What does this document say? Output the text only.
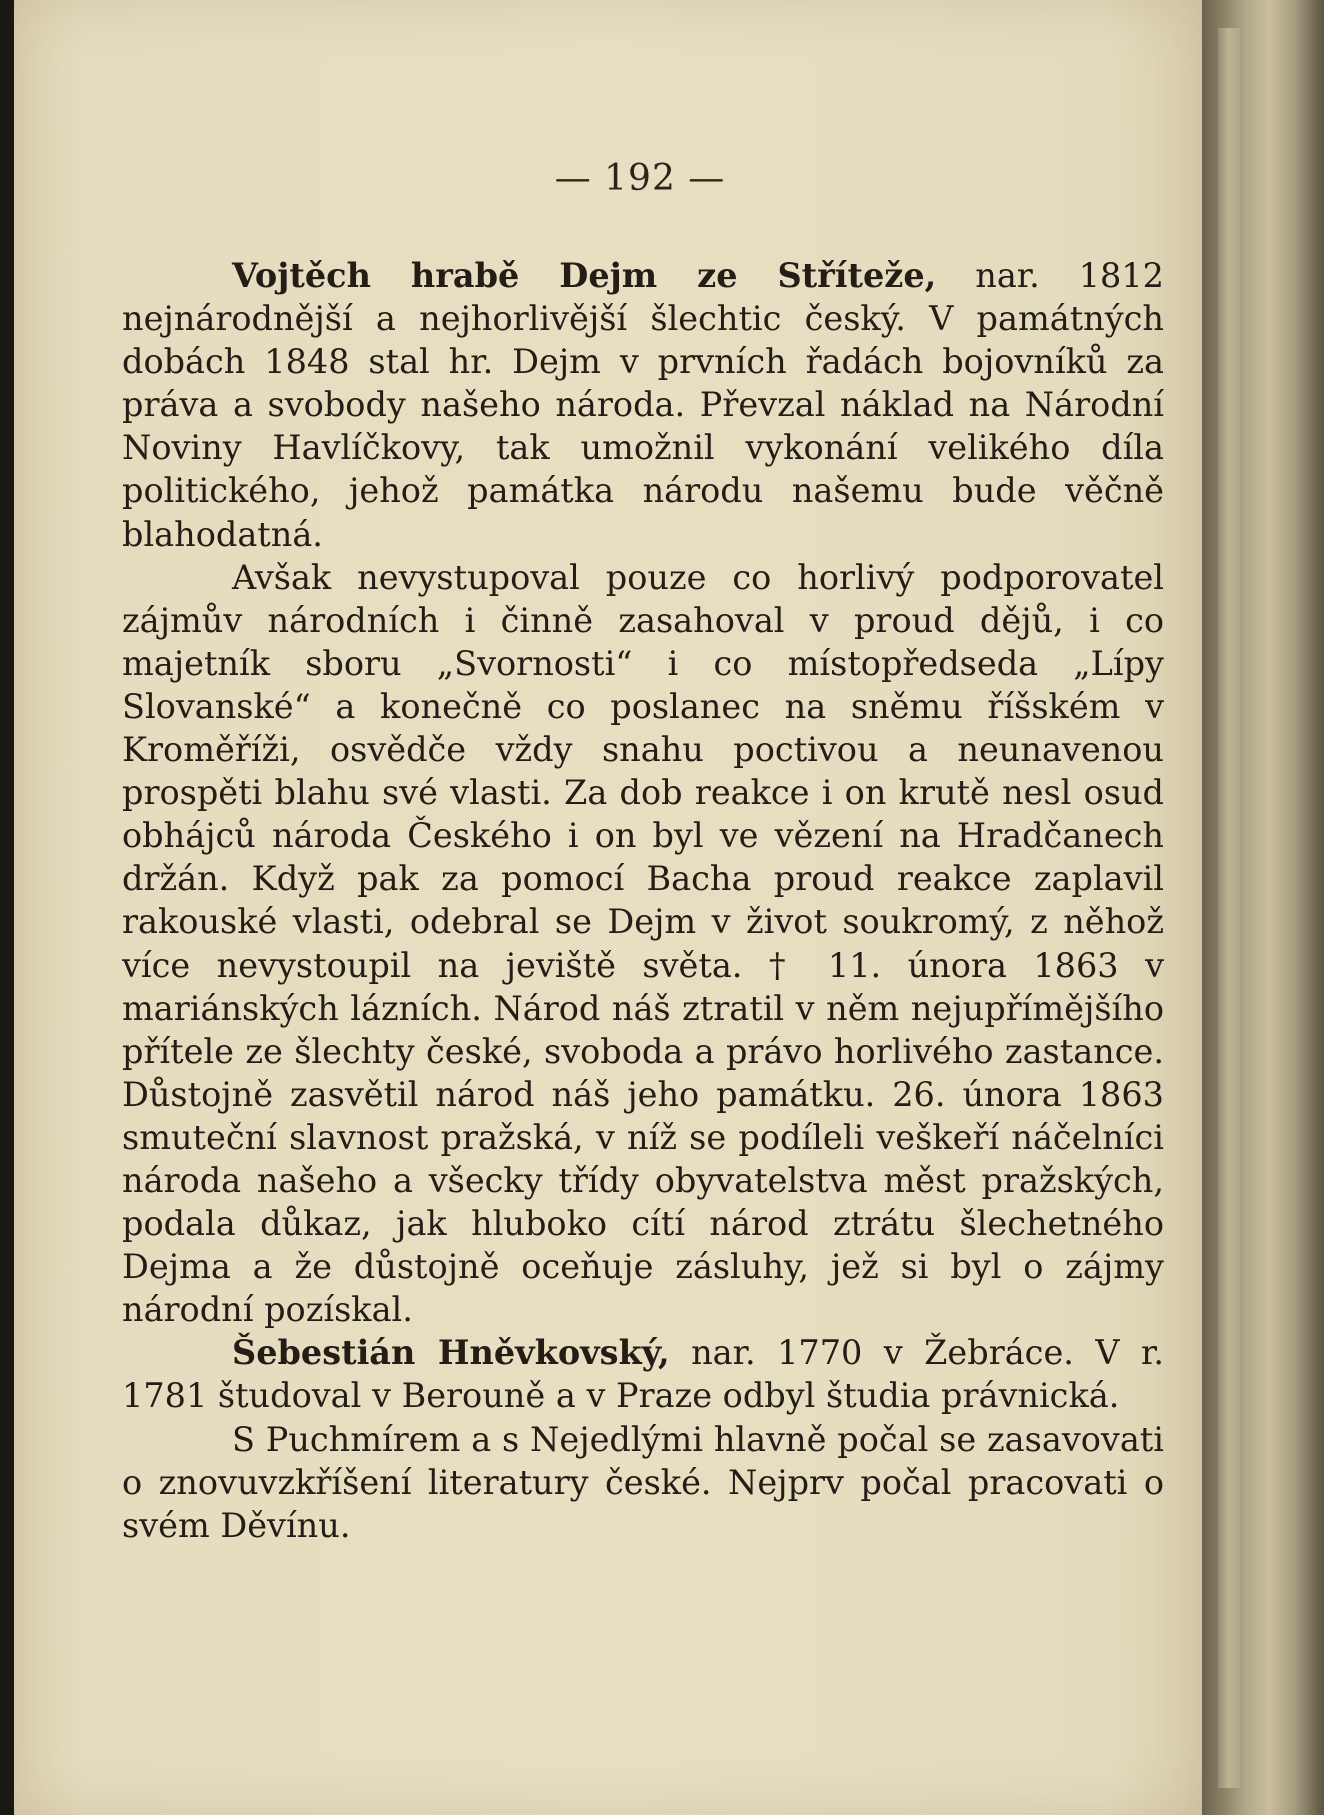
— 192 —

Vojtěch hrabě Dejm ze Stříteže, nar. 1812 nejnárodnější a nejhorlivější šlechtic český. V památných dobách 1848 stal hr. Dejm v prvních řadách bojovníků za práva a svobody našeho národa. Převzal náklad na Národní Noviny Havlíčkovy, tak umožnil vykonání velikého díla politického, jehož památka národu našemu bude věčně blahodatná.

Avšak nevystupoval pouze co horlivý podporovatel zájmův národních i činně zasahoval v proud dějů, i co majetník sboru „Svornosti“ i co místopředseda „Lípy Slovanské“ a konečně co poslanec na sněmu říšském v Kroměříži, osvědče vždy snahu poctivou a neunavenou prospěti blahu své vlasti. Za dob reakce i on krutě nesl osud obhájců národa Českého i on byl ve vězení na Hradčanech držán. Když pak za pomocí Bacha proud reakce zaplavil rakouské vlasti, odebral se Dejm v život soukromý, z něhož více nevystoupil na jeviště světa. † 11. února 1863 v mariánských lázních. Národ náš ztratil v něm nejupřímějšího přítele ze šlechty české, svoboda a právo horlivého zastance. Důstojně zasvětil národ náš jeho památku. 26. února 1863 smuteční slavnost pražská, v níž se podíleli veškeří náčelníci národa našeho a všecky třídy obyvatelstva měst pražských, podala důkaz, jak hluboko cítí národ ztrátu šlechetného Dejma a že důstojně oceňuje zásluhy, jež si byl o zájmy národní pozískal.

Šebestián Hněvkovský, nar. 1770 v Žebráce. V r. 1781 študoval v Berouně a v Praze odbyl študia právnická.

S Puchmírem a s Nejedlými hlavně počal se zasavovati o znovuvzkříšení literatury české. Nejprv počal pracovati o svém Děvínu.
